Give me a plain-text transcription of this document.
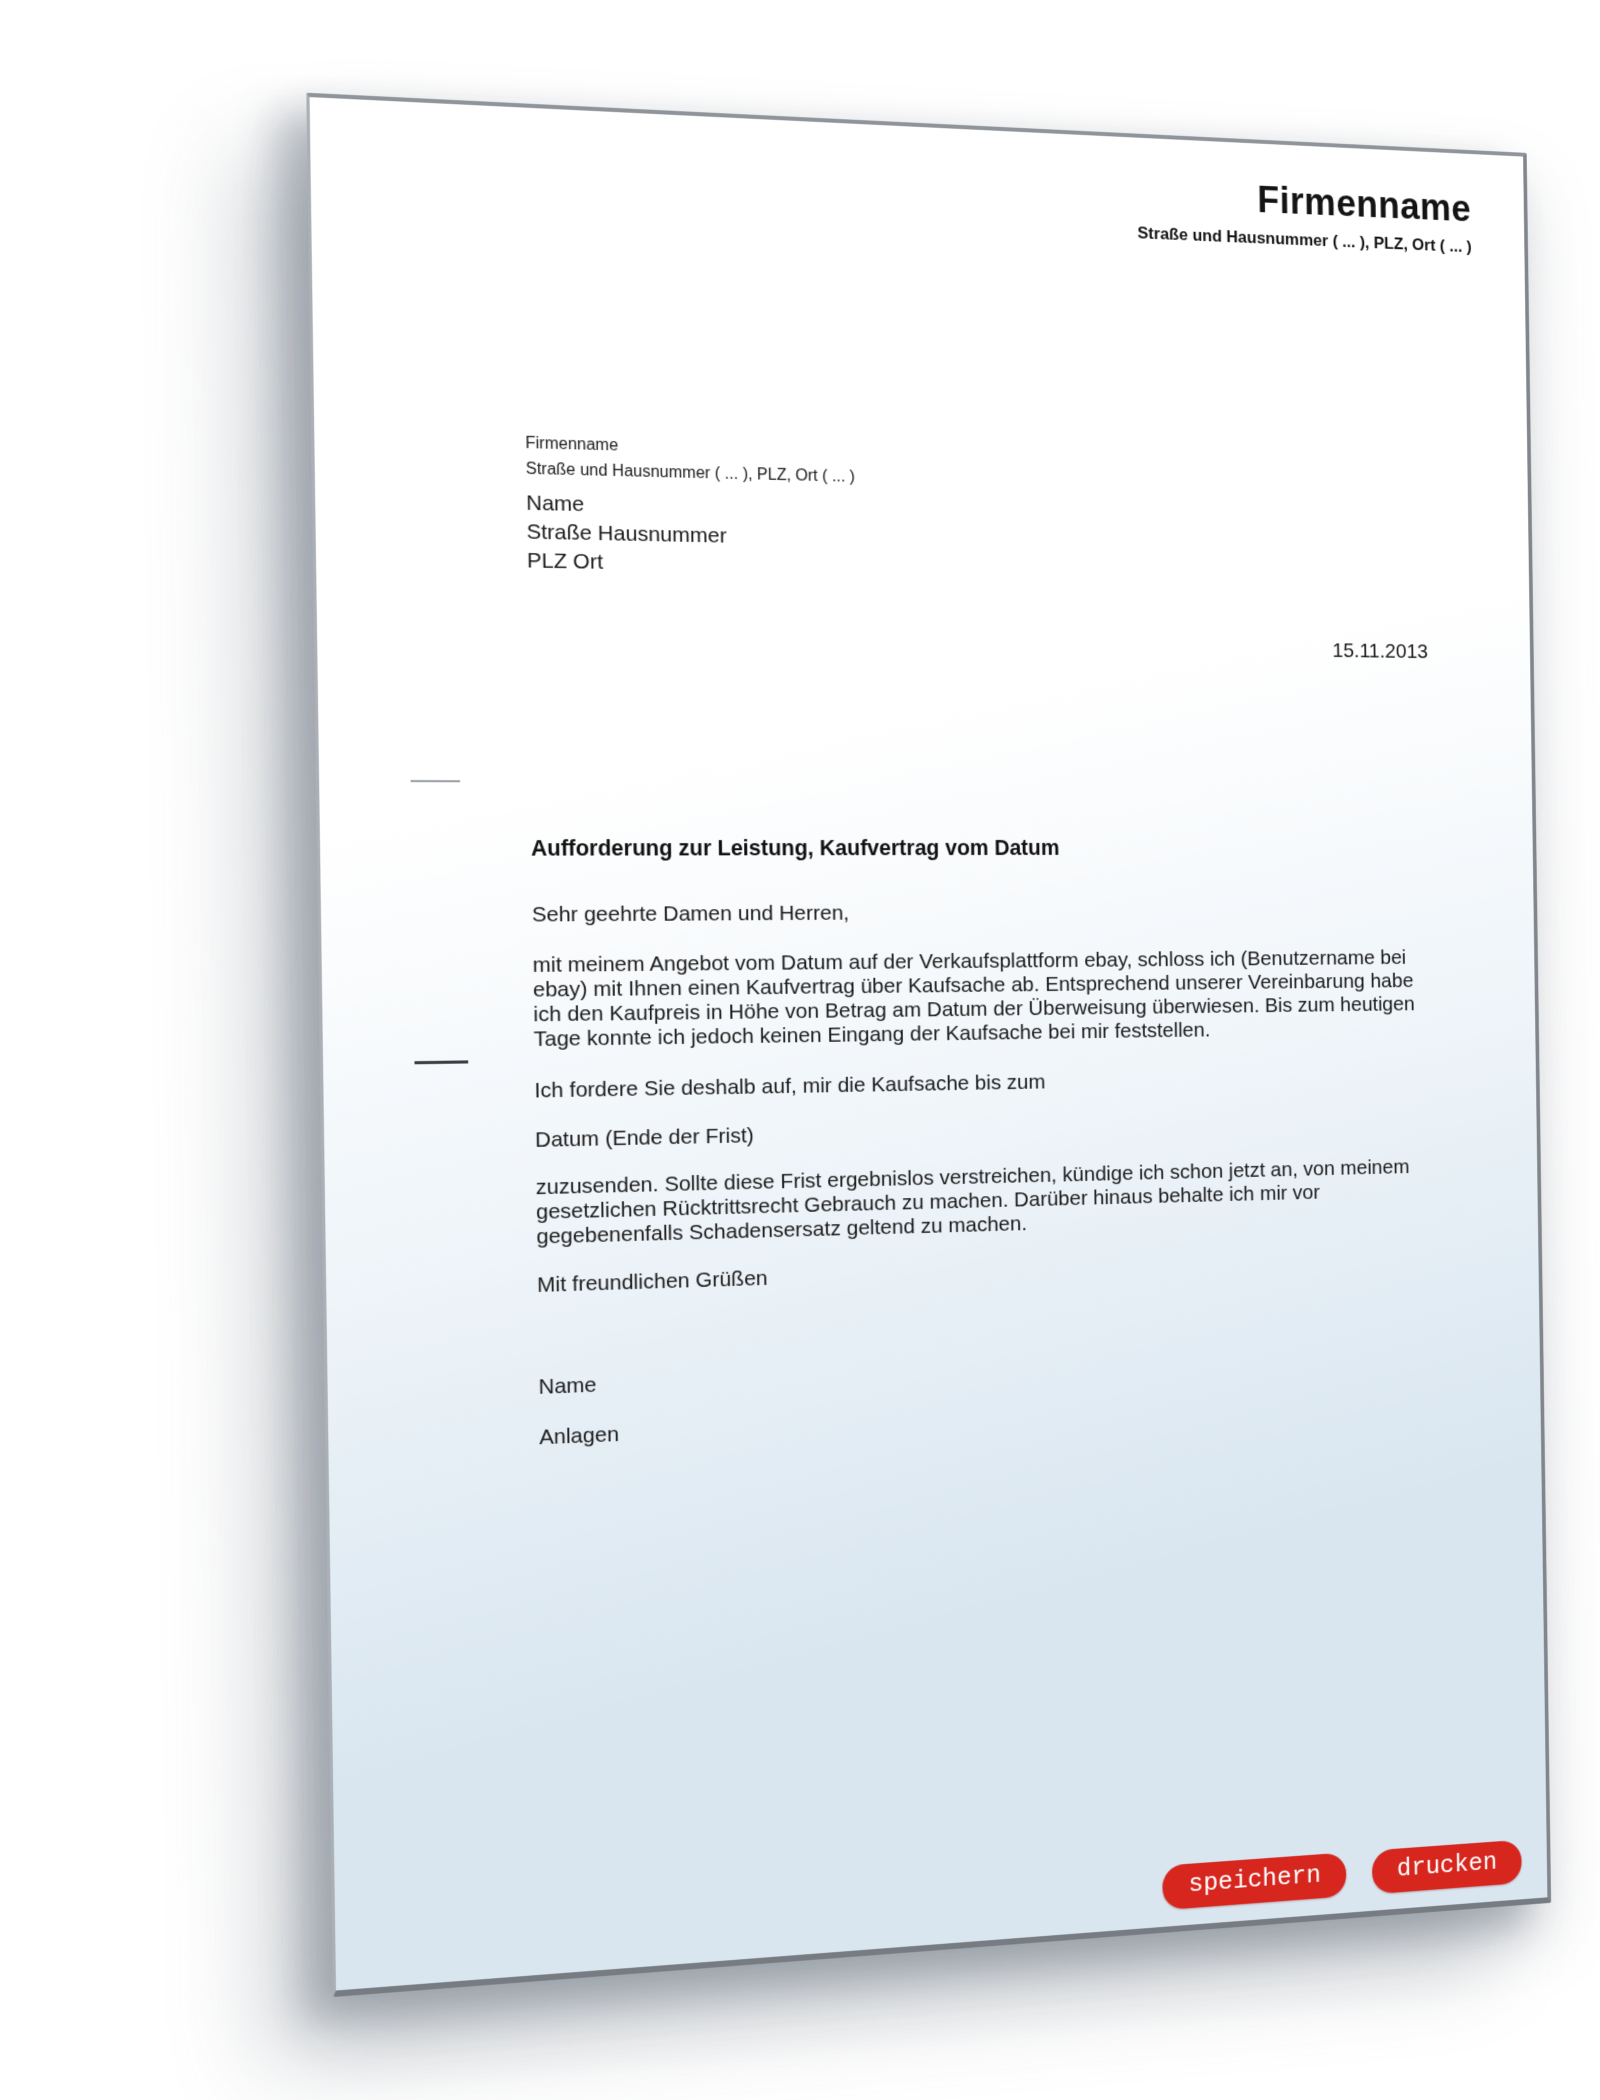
Firmenname
Straße und Hausnummer ( ... ), PLZ, Ort ( ... )
Firmenname
Straße und Hausnummer ( ... ), PLZ, Ort ( ... )
Name
Straße Hausnummer
PLZ Ort
15.11.2013
Aufforderung zur Leistung, Kaufvertrag vom Datum
Sehr geehrte Damen und Herren,
mit meinem Angebot vom Datum auf der Verkaufsplattform ebay, schloss ich (Benutzername bei ebay) mit Ihnen einen Kaufvertrag über Kaufsache ab. Entsprechend unserer Vereinbarung habe ich den Kaufpreis in Höhe von Betrag am Datum der Überweisung überwiesen. Bis zum heutigen Tage konnte ich jedoch keinen Eingang der Kaufsache bei mir feststellen.
Ich fordere Sie deshalb auf, mir die Kaufsache bis zum
Datum (Ende der Frist)
zuzusenden. Sollte diese Frist ergebnislos verstreichen, kündige ich schon jetzt an, von meinem gesetzlichen Rücktrittsrecht Gebrauch zu machen. Darüber hinaus behalte ich mir vor gegebenenfalls Schadensersatz geltend zu machen.
Mit freundlichen Grüßen
Name
Anlagen
speichern	drucken
